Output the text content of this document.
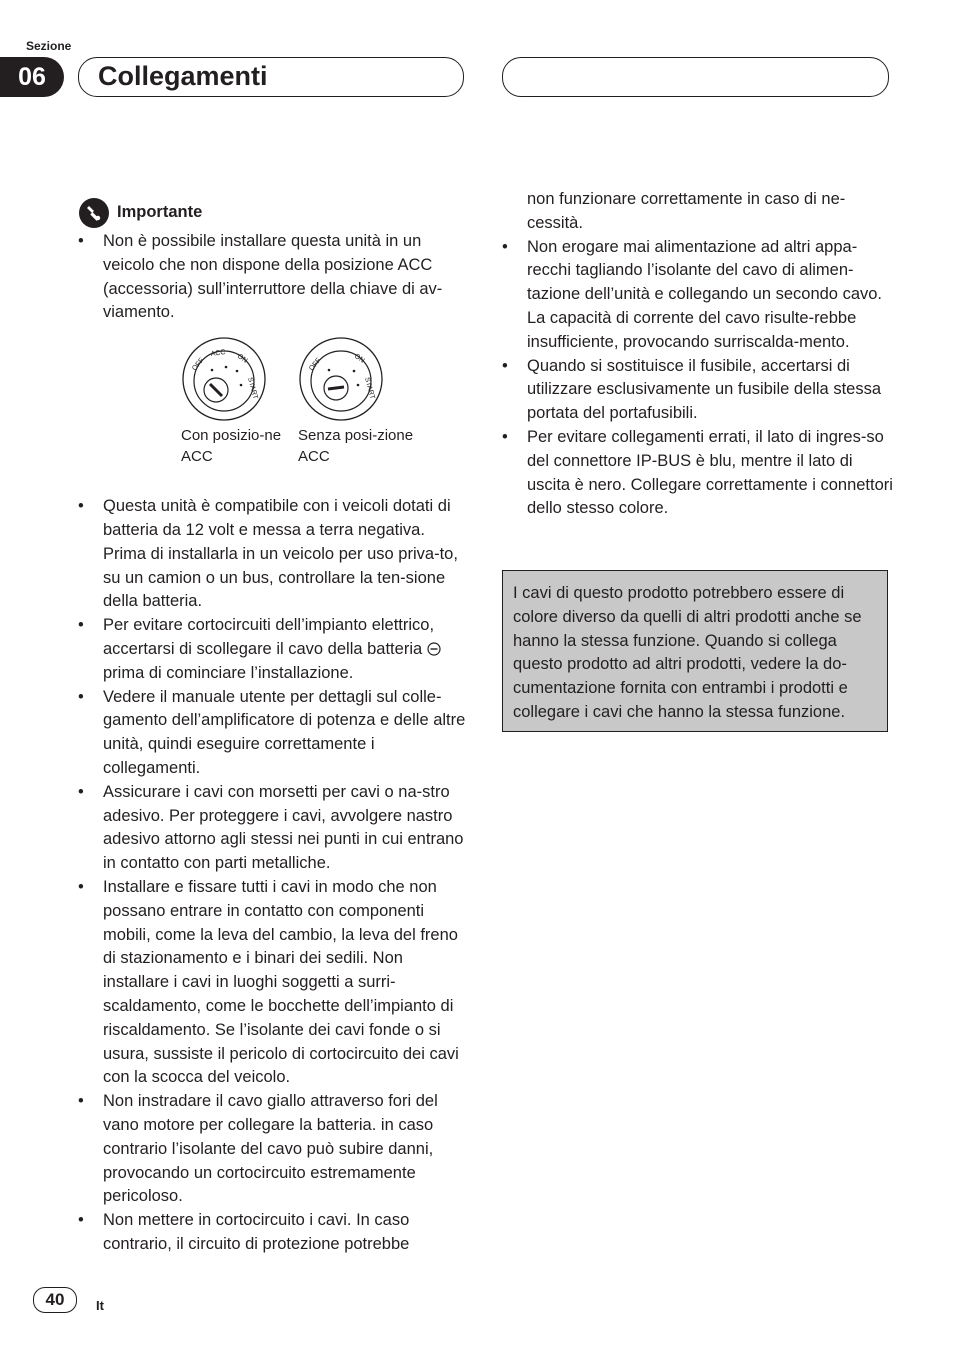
Sezione
06	Collegamenti
Importante
• Non è possibile installare questa unità in un veicolo che non dispone della posizione ACC (accessoria) sull’interruttore della chiave di av-viamento.
OFF
ACC ON
START
Con posizio-ne ACC
OFF	ON
START
Senza posi-zione ACC
• Questa unità è compatibile con i veicoli dotati di batteria da 12 volt e messa a terra negativa. Prima di installarla in un veicolo per uso priva-to, su un camion o un bus, controllare la ten-sione della batteria.
• Per evitare cortocircuiti dell’impianto elettrico, accertarsi di scollegare il cavo della batteria  prima di cominciare l’installazione.
• Vedere il manuale utente per dettagli sul colle-gamento dell’amplificatore di potenza e delle altre unità, quindi eseguire correttamente i collegamenti.
• Assicurare i cavi con morsetti per cavi o na-stro adesivo. Per proteggere i cavi, avvolgere nastro adesivo attorno agli stessi nei punti in cui entrano in contatto con parti metalliche.
• Installare e fissare tutti i cavi in modo che non possano entrare in contatto con componenti mobili, come la leva del cambio, la leva del freno di stazionamento e i binari dei sedili. Non installare i cavi in luoghi soggetti a surri-scaldamento, come le bocchette dell’impianto di riscaldamento. Se l’isolante dei cavi fonde o si usura, sussiste il pericolo di cortocircuito dei cavi con la scocca del veicolo.
• Non instradare il cavo giallo attraverso fori del vano motore per collegare la batteria. in caso contrario l’isolante del cavo può subire danni, provocando un cortocircuito estremamente pericoloso.
• Non mettere in cortocircuito i cavi. In caso contrario, il circuito di protezione potrebbe
non funzionare correttamente in caso di ne-cessità.
• Non erogare mai alimentazione ad altri appa-recchi tagliando l’isolante del cavo di alimen-tazione dell’unità e collegando un secondo cavo. La capacità di corrente del cavo risulte-rebbe insufficiente, provocando surriscalda-mento.
• Quando si sostituisce il fusibile, accertarsi di utilizzare esclusivamente un fusibile della stessa portata del portafusibili.
• Per evitare collegamenti errati, il lato di ingres-so del connettore IP-BUS è blu, mentre il lato di uscita è nero. Collegare correttamente i connettori dello stesso colore.
I cavi di questo prodotto potrebbero essere di colore diverso da quelli di altri prodotti anche se hanno la stessa funzione. Quando si collega questo prodotto ad altri prodotti, vedere la do-cumentazione fornita con entrambi i prodotti e collegare i cavi che hanno la stessa funzione.
40	It
